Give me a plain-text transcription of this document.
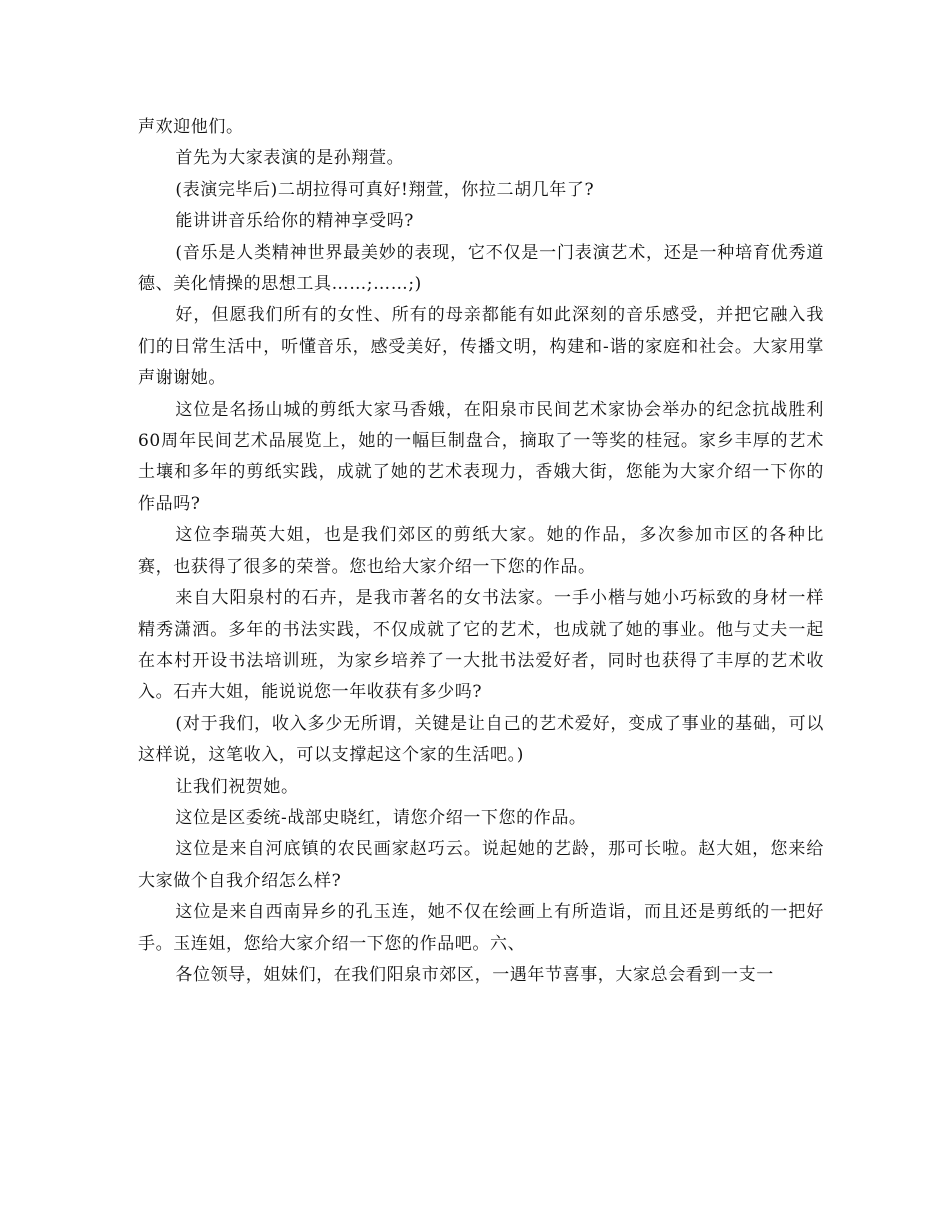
声欢迎他们。

首先为大家表演的是孙翔萱。

(表演完毕后)二胡拉得可真好!翔萱，你拉二胡几年了?

能讲讲音乐给你的精神享受吗?

(音乐是人类精神世界最美妙的表现，它不仅是一门表演艺术，还是一种培育优秀道德、美化情操的思想工具……;……;)

好，但愿我们所有的女性、所有的母亲都能有如此深刻的音乐感受，并把它融入我们的日常生活中，听懂音乐，感受美好，传播文明，构建和-谐的家庭和社会。大家用掌声谢谢她。

这位是名扬山城的剪纸大家马香娥，在阳泉市民间艺术家协会举办的纪念抗战胜利60周年民间艺术品展览上，她的一幅巨制盘合，摘取了一等奖的桂冠。家乡丰厚的艺术土壤和多年的剪纸实践，成就了她的艺术表现力，香娥大街，您能为大家介绍一下你的作品吗?

这位李瑞英大姐，也是我们郊区的剪纸大家。她的作品，多次参加市区的各种比赛，也获得了很多的荣誉。您也给大家介绍一下您的作品。

来自大阳泉村的石卉，是我市著名的女书法家。一手小楷与她小巧标致的身材一样精秀潇洒。多年的书法实践，不仅成就了它的艺术，也成就了她的事业。他与丈夫一起在本村开设书法培训班，为家乡培养了一大批书法爱好者，同时也获得了丰厚的艺术收入。石卉大姐，能说说您一年收获有多少吗?

(对于我们，收入多少无所谓，关键是让自己的艺术爱好，变成了事业的基础，可以这样说，这笔收入，可以支撑起这个家的生活吧。)

让我们祝贺她。

这位是区委统-战部史晓红，请您介绍一下您的作品。

这位是来自河底镇的农民画家赵巧云。说起她的艺龄，那可长啦。赵大姐，您来给大家做个自我介绍怎么样?

这位是来自西南异乡的孔玉连，她不仅在绘画上有所造诣，而且还是剪纸的一把好手。玉连姐，您给大家介绍一下您的作品吧。六、

各位领导，姐妹们，在我们阳泉市郊区，一遇年节喜事，大家总会看到一支一
